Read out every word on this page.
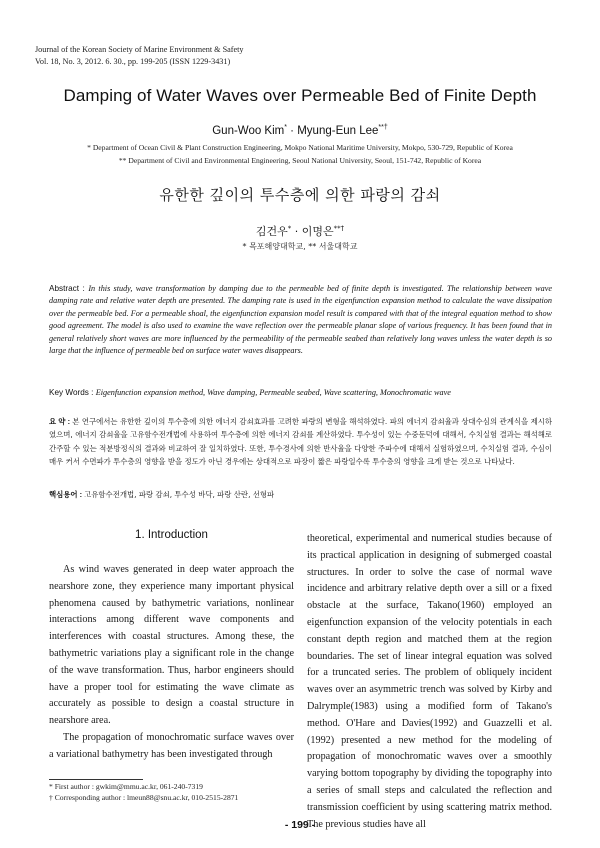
Journal of the Korean Society of Marine Environment & Safety
Vol. 18, No. 3, 2012. 6. 30., pp. 199-205 (ISSN 1229-3431)
Damping of Water Waves over Permeable Bed of Finite Depth
Gun-Woo Kim* · Myung-Eun Lee**†
* Department of Ocean Civil & Plant Construction Engineering, Mokpo National Maritime University, Mokpo, 530-729, Republic of Korea
** Department of Civil and Environmental Engineering, Seoul National University, Seoul, 151-742, Republic of Korea
유한한 깊이의 투수층에 의한 파랑의 감쇠
김건우* · 이명은**†
* 목포해양대학교, ** 서울대학교
Abstract : In this study, wave transformation by damping due to the permeable bed of finite depth is investigated. The relationship between wave damping rate and relative water depth are presented. The damping rate is used in the eigenfunction expansion method to calculate the wave dissipation over the permeable bed. For a permeable shoal, the eigenfunction expansion model result is compared with that of the integral equation method to show good agreement. The model is also used to examine the wave reflection over the permeable planar slope of various frequency. It has been found that in general relatively short waves are more influenced by the permeability of the permeable seabed than relatively long waves unless the water depth is so large that the influence of permeable bed on surface water waves disappears.
Key Words : Eigenfunction expansion method, Wave damping, Permeable seabed, Wave scattering, Monochromatic wave
요 약 : 본 연구에서는 유한한 깊이의 투수층에 의한 에너지 감쇠효과를 고려한 파랑의 변형을 해석하였다. 파의 에너지 감쇠율과 상대수심의 관계식을 제시하였으며, 에너지 감쇠율을 고유함수전개법에 사용하여 투수층에 의한 에너지 감쇠를 계산하였다. 투수성이 있는 수중둔덕에 대해서, 수치실험 결과는 해석해로 간주할 수 있는 적분방정식의 결과와 비교하여 잘 일치하였다. 또한, 투수경사에 의한 반사율을 다양한 주파수에 대해서 실험하였으며, 수치실험 결과, 수심이 매우 커서 수면파가 투수층의 영향을 받을 정도가 아닌 경우에는 상대적으로 파장이 짧은 파랑일수록 투수층의 영향을 크게 받는 것으로 나타났다.
핵심용어 : 고유함수전개법, 파랑 감쇠, 투수성 바닥, 파랑 산란, 선형파
1. Introduction

As wind waves generated in deep water approach the nearshore zone, they experience many important physical phenomena caused by bathymetric variations, nonlinear interactions among different wave components and interferences with coastal structures. Among these, the bathymetric variations play a significant role in the change of the wave transformation. Thus, harbor engineers should have a proper tool for estimating the wave climate as accurately as possible to design a coastal structure in nearshore area.

The propagation of monochromatic surface waves over a variational bathymetry has been investigated through

theoretical, experimental and numerical studies because of its practical application in designing of submerged coastal structures. In order to solve the case of normal wave incidence and arbitrary relative depth over a sill or a fixed obstacle at the surface, Takano(1960) employed an eigenfunction expansion of the velocity potentials in each constant depth region and matched them at the region boundaries. The set of linear integral equation was solved for a truncated series. The problem of obliquely incident waves over an asymmetric trench was solved by Kirby and Dalrymple(1983) using a modified form of Takano's method. O'Hare and Davies(1992) and Guazzelli et al.(1992) presented a new method for the modeling of propagation of monochromatic waves over a smoothly varying bottom topography by dividing the topography into a series of small steps and calculated the reflection and transmission coefficient by using scattering matrix method. The previous studies have all

* First author : gwkim@mmu.ac.kr, 061-240-7319
† Corresponding author : lmeun88@snu.ac.kr, 010-2515-2871
- 199 -
